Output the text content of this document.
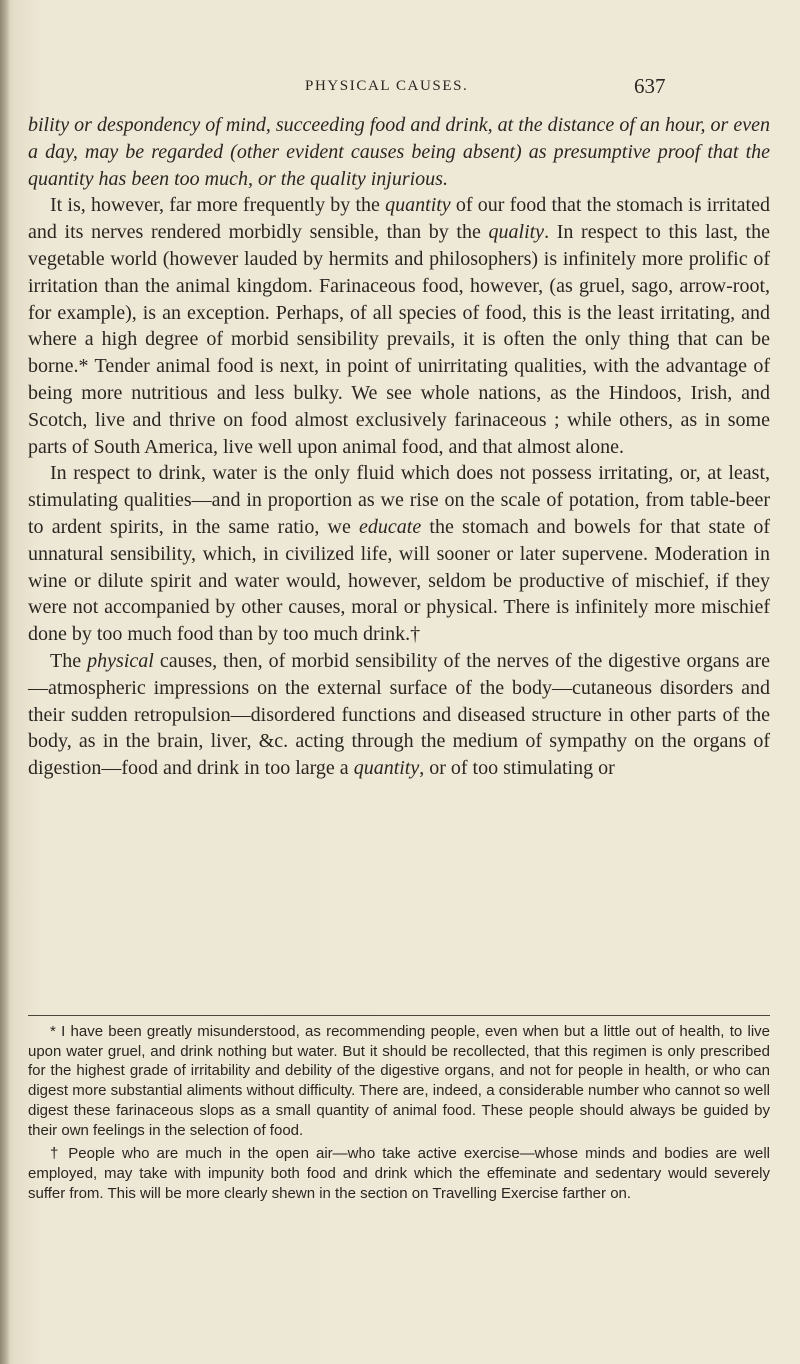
PHYSICAL CAUSES.	637

bility or despondency of mind, succeeding food and drink, at the distance of an hour, or even a day, may be regarded (other evident causes being absent) as presumptive proof that the quantity has been too much, or the quality injurious.

It is, however, far more frequently by the quantity of our food that the stomach is irritated and its nerves rendered morbidly sensible, than by the quality. In respect to this last, the vegetable world (however lauded by hermits and philosophers) is infinitely more prolific of irritation than the animal kingdom. Farinaceous food, however, (as gruel, sago, arrow-root, for example), is an exception. Perhaps, of all species of food, this is the least irritating, and where a high degree of morbid sensibility prevails, it is often the only thing that can be borne.* Tender animal food is next, in point of unirritating qualities, with the advantage of being more nutritious and less bulky. We see whole nations, as the Hindoos, Irish, and Scotch, live and thrive on food almost exclusively farinaceous ; while others, as in some parts of South America, live well upon animal food, and that almost alone.

In respect to drink, water is the only fluid which does not possess irritating, or, at least, stimulating qualities—and in proportion as we rise on the scale of potation, from table-beer to ardent spirits, in the same ratio, we educate the stomach and bowels for that state of unnatural sensibility, which, in civilized life, will sooner or later supervene. Moderation in wine or dilute spirit and water would, however, seldom be productive of mischief, if they were not accompanied by other causes, moral or physical. There is infinitely more mischief done by too much food than by too much drink.†

The physical causes, then, of morbid sensibility of the nerves of the digestive organs are—atmospheric impressions on the external surface of the body—cutaneous disorders and their sudden retropulsion—disordered functions and diseased structure in other parts of the body, as in the brain, liver, &c. acting through the medium of sympathy on the organs of digestion—food and drink in too large a quantity, or of too stimulating or

* I have been greatly misunderstood, as recommending people, even when but a little out of health, to live upon water gruel, and drink nothing but water. But it should be recollected, that this regimen is only prescribed for the highest grade of irritability and debility of the digestive organs, and not for people in health, or who can digest more substantial aliments without difficulty. There are, indeed, a considerable number who cannot so well digest these farinaceous slops as a small quantity of animal food. These people should always be guided by their own feelings in the selection of food.

† People who are much in the open air—who take active exercise—whose minds and bodies are well employed, may take with impunity both food and drink which the effeminate and sedentary would severely suffer from. This will be more clearly shewn in the section on Travelling Exercise farther on.
